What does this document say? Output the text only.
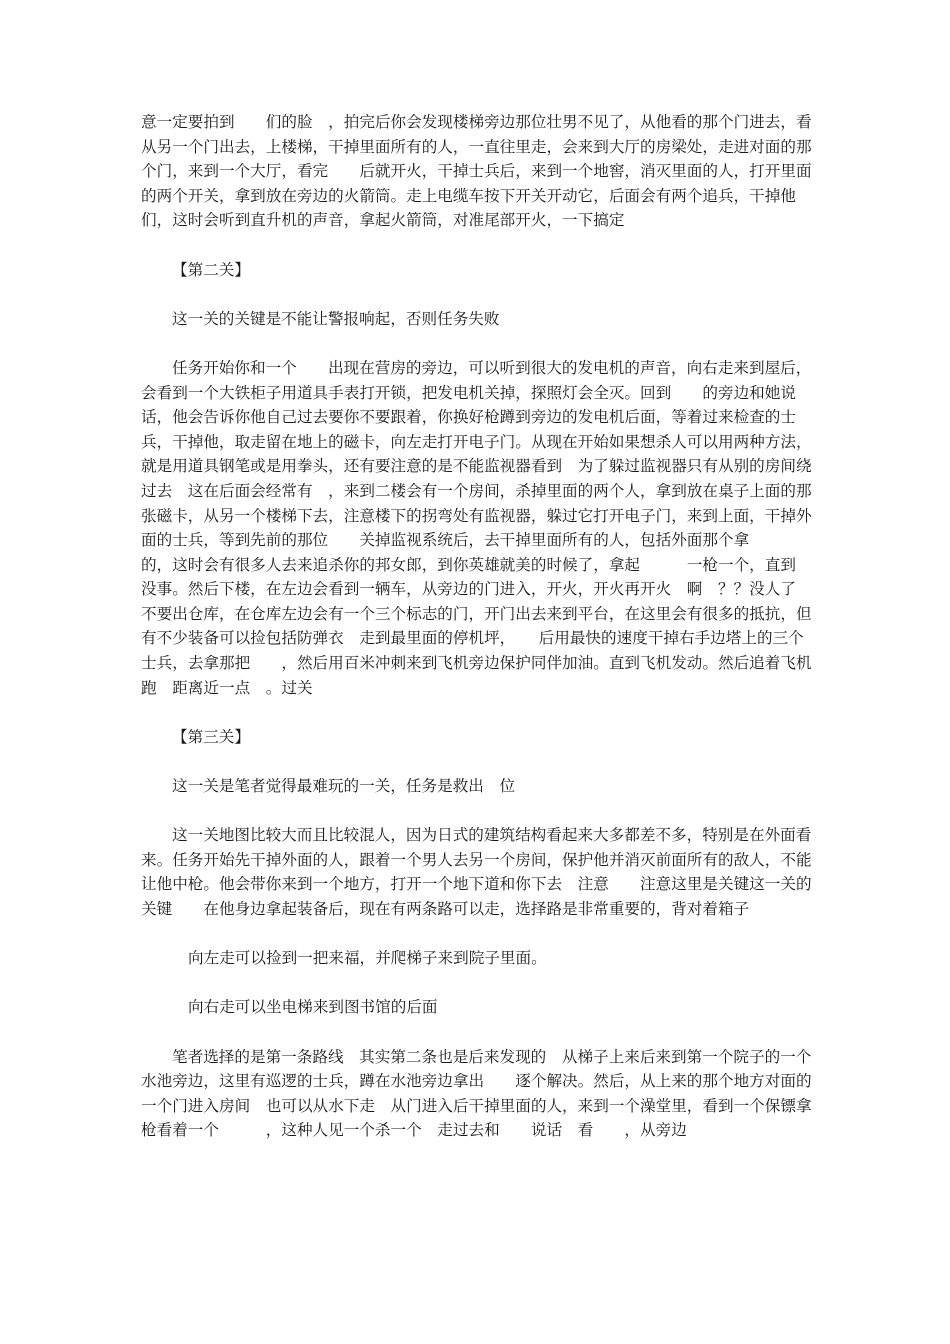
意一定要拍到　　们的脸　，拍完后你会发现楼梯旁边那位壮男不见了，从他看的那个门进去，看　　从另一个门出去，上楼梯，干掉里面所有的人，一直往里走，会来到大厅的房梁处，走进对面的那个门，来到一个大厅，看完　　后就开火，干掉士兵后，来到一个地窖，消灭里面的人，打开里面的两个开关，拿到放在旁边的火箭筒。走上电缆车按下开关开动它，后面会有两个追兵，干掉他们，这时会听到直升机的声音，拿起火箭筒，对准尾部开火，一下搞定

【第二关】

这一关的关键是不能让警报响起，否则任务失败

任务开始你和一个　　出现在营房的旁边，可以听到很大的发电机的声音，向右走来到屋后，会看到一个大铁柜子用道具手表打开锁，把发电机关掉，探照灯会全灭。回到　　的旁边和她说话，他会告诉你他自己过去要你不要跟着，你换好枪蹲到旁边的发电机后面，等着过来检查的士兵，干掉他，取走留在地上的磁卡，向左走打开电子门。从现在开始如果想杀人可以用两种方法，就是用道具钢笔或是用拳头，还有要注意的是不能监视器看到　为了躲过监视器只有从别的房间绕过去　这在后面会经常有　，来到二楼会有一个房间，杀掉里面的两个人，拿到放在桌子上面的那张磁卡，从另一个楼梯下去，注意楼下的拐弯处有监视器，躲过它打开电子门，来到上面，干掉外面的士兵，等到先前的那位　　关掉监视系统后，去干掉里面所有的人，包括外面那个拿　　　的，这时会有很多人去来追杀你的邦女郎，到你英雄就美的时候了，拿起　　　一枪一个，直到　　没事。然后下楼，在左边会看到一辆车，从旁边的门进入，开火，开火再开火　啊　？？没人了　不要出仓库，在仓库左边会有一个三个标志的门，开门出去来到平台，在这里会有很多的抵抗，但有不少装备可以捡包括防弹衣　走到最里面的停机坪，　　后用最快的速度干掉右手边塔上的三个士兵，去拿那把　　，然后用百米冲刺来到飞机旁边保护同伴加油。直到飞机发动。然后追着飞机跑　距离近一点　。过关

【第三关】

这一关是笔者觉得最难玩的一关，任务是救出　位

这一关地图比较大而且比较混人，因为日式的建筑结构看起来大多都差不多，特别是在外面看来。任务开始先干掉外面的人，跟着一个男人去另一个房间，保护他并消灭前面所有的敌人，不能让他中枪。他会带你来到一个地方，打开一个地下道和你下去　注意　　注意这里是关键这一关的关键　　在他身边拿起装备后，现在有两条路可以走，选择路是非常重要的，背对着箱子

向左走可以捡到一把来福，并爬梯子来到院子里面。

向右走可以坐电梯来到图书馆的后面

笔者选择的是第一条路线　其实第二条也是后来发现的　从梯子上来后来到第一个院子的一个水池旁边，这里有巡逻的士兵，蹲在水池旁边拿出　　逐个解决。然后，从上来的那个地方对面的一个门进入房间　也可以从水下走　从门进入后干掉里面的人，来到一个澡堂里，看到一个保镖拿枪看着一个　　　，这种人见一个杀一个　走过去和　　说话　看　　，从旁边
